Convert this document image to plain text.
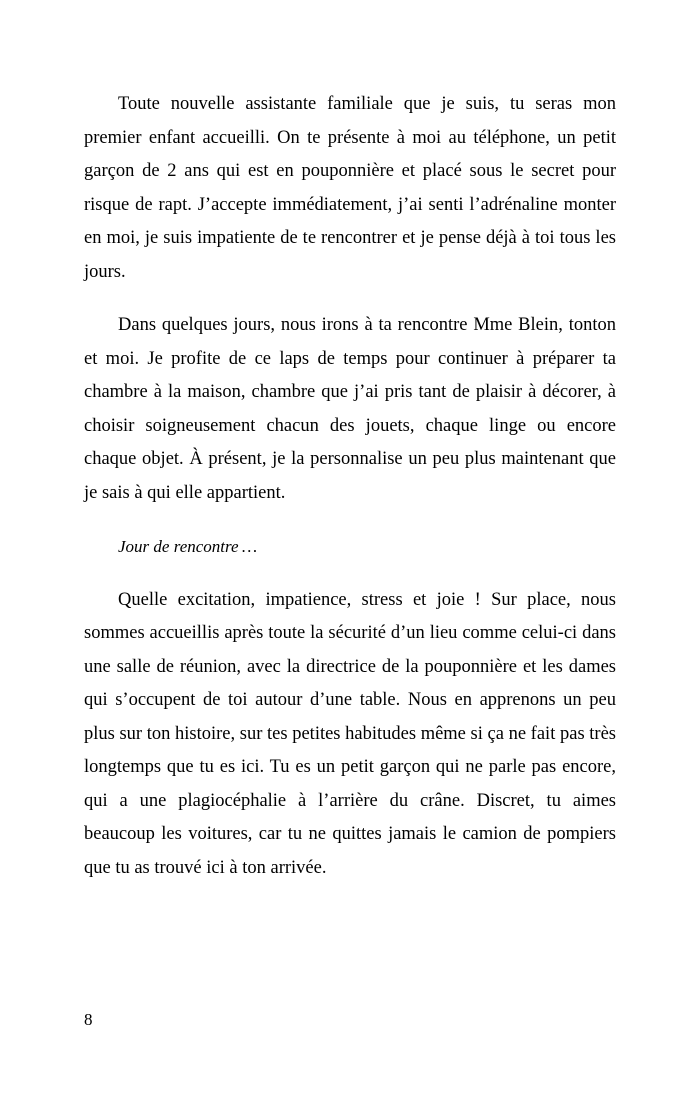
Toute nouvelle assistante familiale que je suis, tu seras mon premier enfant accueilli. On te présente à moi au téléphone, un petit garçon de 2 ans qui est en pouponnière et placé sous le secret pour risque de rapt. J’accepte immédiatement, j’ai senti l’adrénaline monter en moi, je suis impatiente de te rencontrer et je pense déjà à toi tous les jours.

Dans quelques jours, nous irons à ta rencontre Mme Blein, tonton et moi. Je profite de ce laps de temps pour continuer à préparer ta chambre à la maison, chambre que j’ai pris tant de plaisir à décorer, à choisir soigneusement chacun des jouets, chaque linge ou encore chaque objet. À présent, je la personnalise un peu plus maintenant que je sais à qui elle appartient.

Jour de rencontre …

Quelle excitation, impatience, stress et joie ! Sur place, nous sommes accueillis après toute la sécurité d’un lieu comme celui-ci dans une salle de réunion, avec la directrice de la pouponnière et les dames qui s’occupent de toi autour d’une table. Nous en apprenons un peu plus sur ton histoire, sur tes petites habitudes même si ça ne fait pas très longtemps que tu es ici. Tu es un petit garçon qui ne parle pas encore, qui a une plagiocéphalie à l’arrière du crâne. Discret, tu aimes beaucoup les voitures, car tu ne quittes jamais le camion de pompiers que tu as trouvé ici à ton arrivée.

8
